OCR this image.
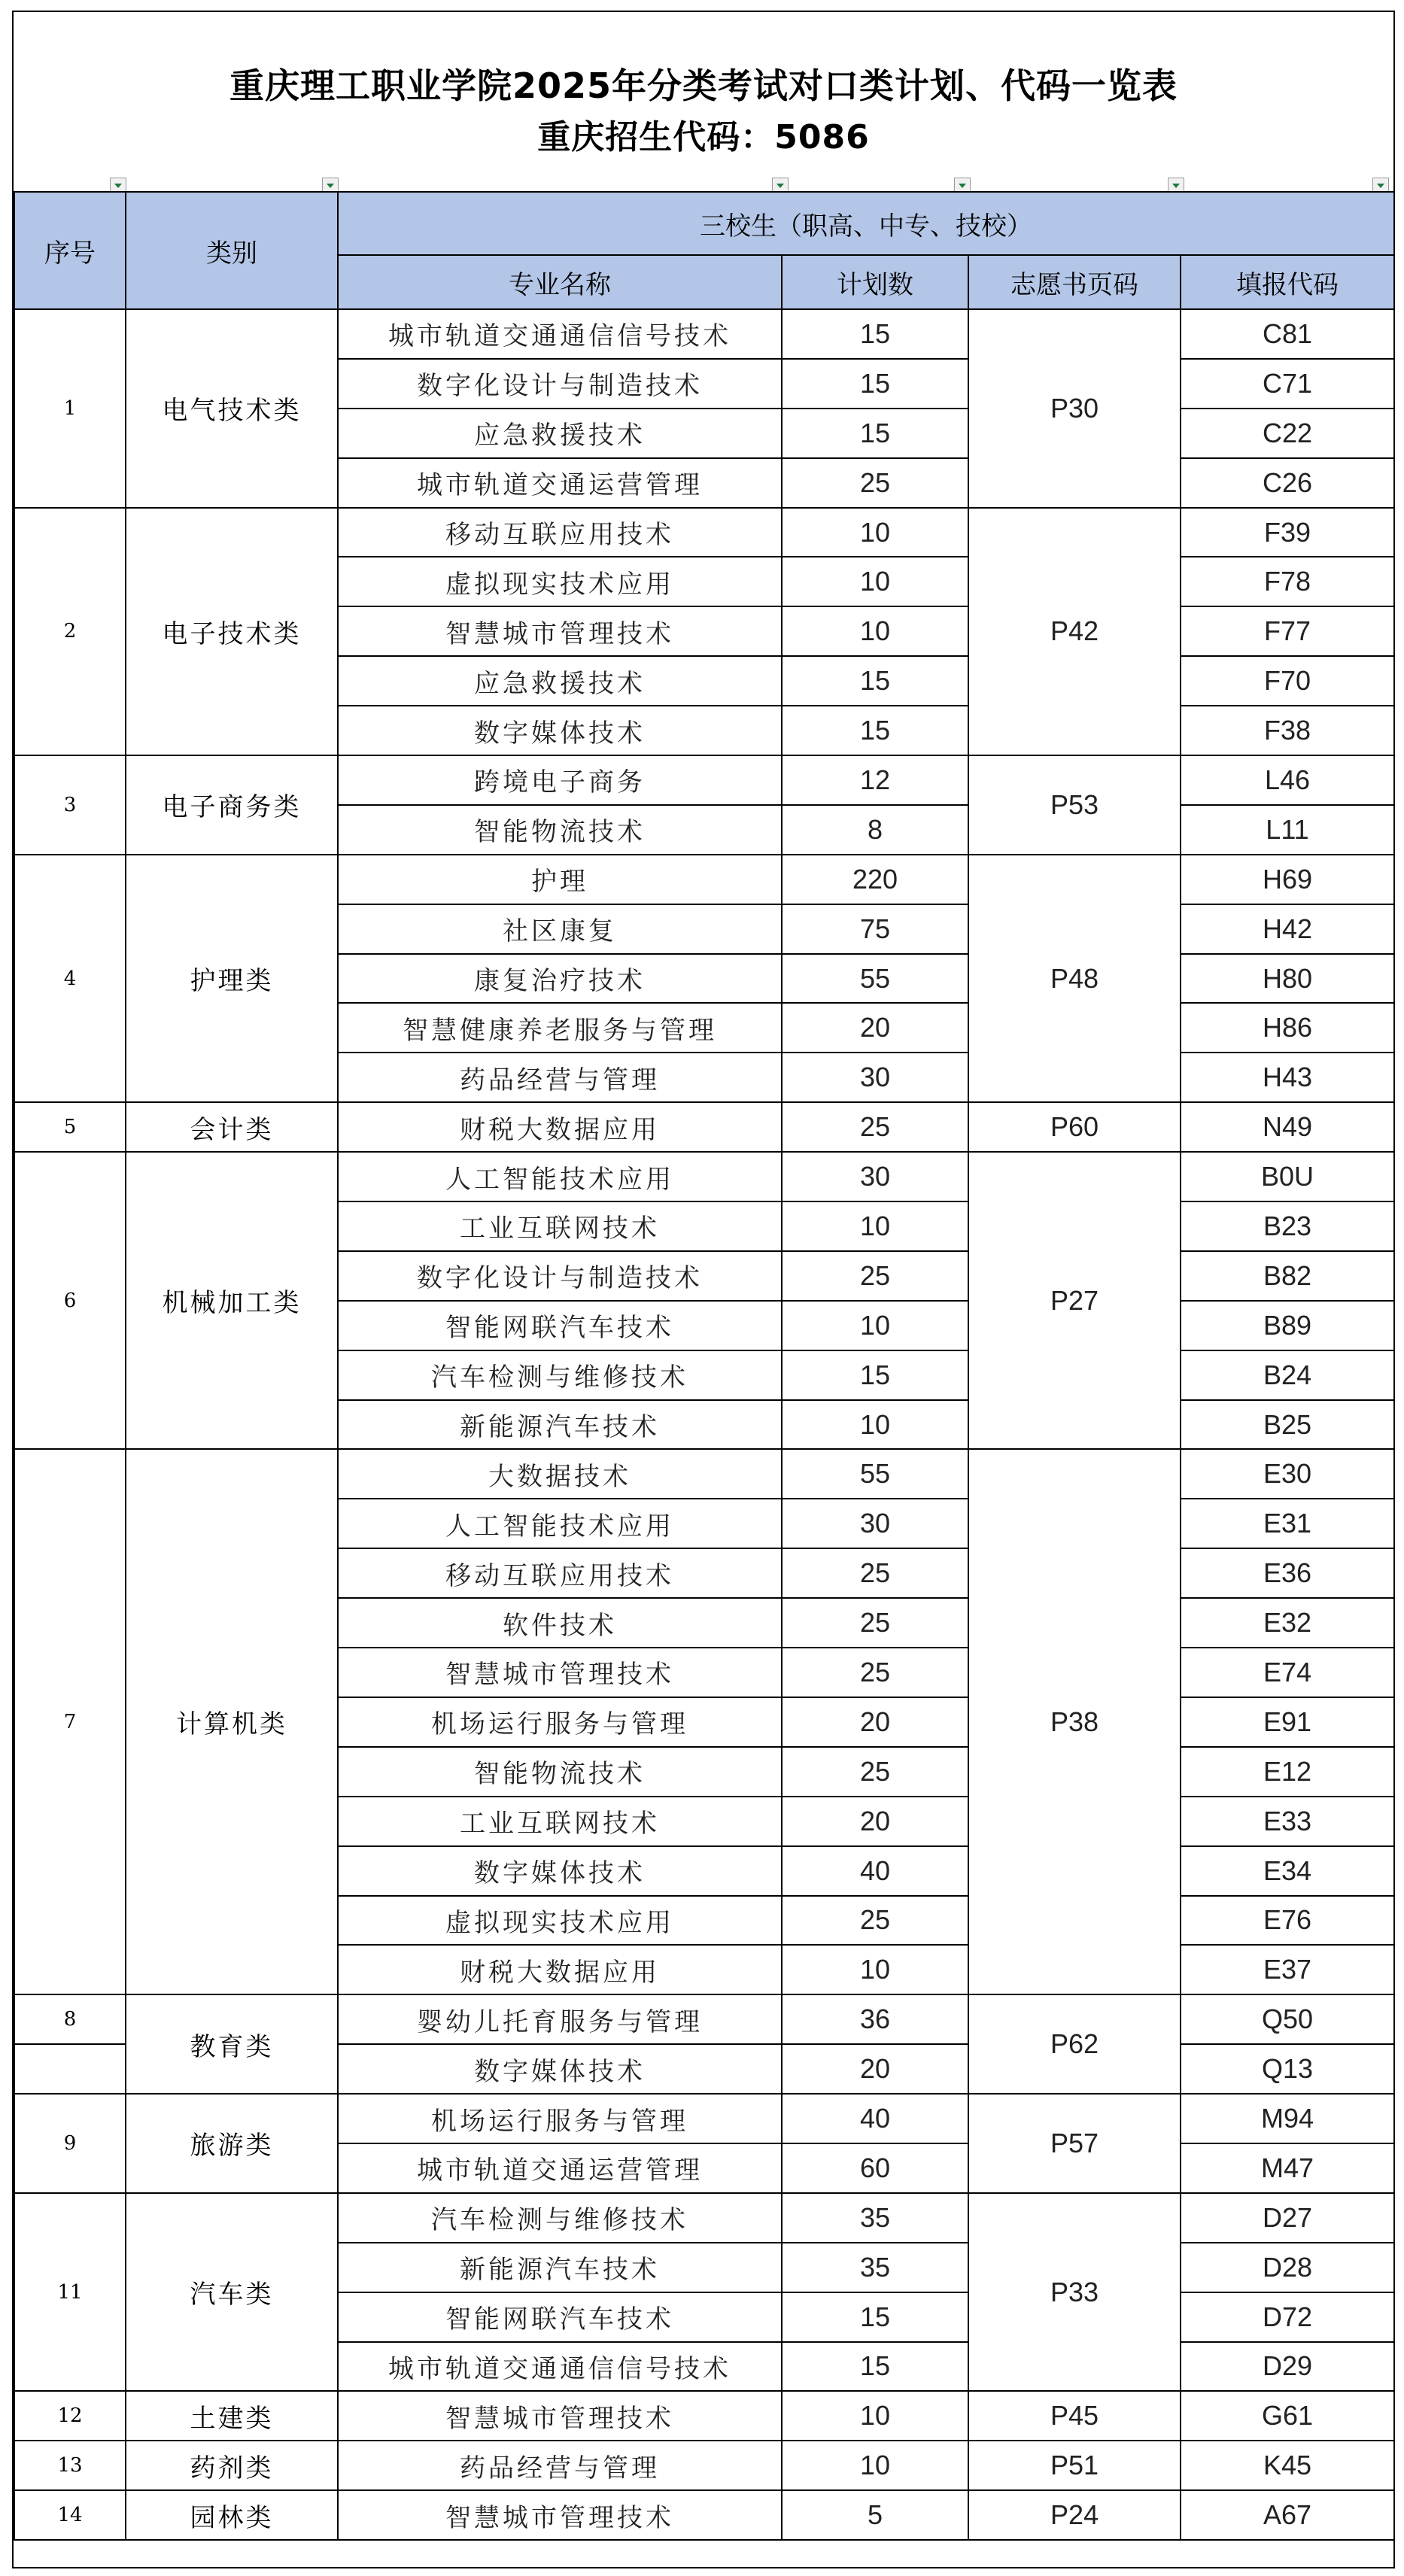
重庆理工职业学院2025年分类考试对口类计划、代码一览表
重庆招生代码：5086
序号	类别	三校生（职高、中专、技校）			
		专业名称	计划数	志愿书页码	填报代码
1	电气技术类	城市轨道交通通信信号技术	15	P30	C81
		数字化设计与制造技术	15		C71
		应急救援技术	15		C22
		城市轨道交通运营管理	25		C26
2	电子技术类	移动互联应用技术	10	P42	F39
		虚拟现实技术应用	10		F78
		智慧城市管理技术	10		F77
		应急救援技术	15		F70
		数字媒体技术	15		F38
3	电子商务类	跨境电子商务	12	P53	L46
		智能物流技术	8		L11
4	护理类	护理	220	P48	H69
		社区康复	75		H42
		康复治疗技术	55		H80
		智慧健康养老服务与管理	20		H86
		药品经营与管理	30		H43
5	会计类	财税大数据应用	25	P60	N49
6	机械加工类	人工智能技术应用	30	P27	B0U
		工业互联网技术	10		B23
		数字化设计与制造技术	25		B82
		智能网联汽车技术	10		B89
		汽车检测与维修技术	15		B24
		新能源汽车技术	10		B25
7	计算机类	大数据技术	55	P38	E30
		人工智能技术应用	30		E31
		移动互联应用技术	25		E36
		软件技术	25		E32
		智慧城市管理技术	25		E74
		机场运行服务与管理	20		E91
		智能物流技术	25		E12
		工业互联网技术	20		E33
		数字媒体技术	40		E34
		虚拟现实技术应用	25		E76
		财税大数据应用	10		E37
8	教育类	婴幼儿托育服务与管理	36	P62	Q50
		数字媒体技术	20		Q13
9	旅游类	机场运行服务与管理	40	P57	M94
		城市轨道交通运营管理	60		M47
11	汽车类	汽车检测与维修技术	35	P33	D27
		新能源汽车技术	35		D28
		智能网联汽车技术	15		D72
		城市轨道交通通信信号技术	15		D29
12	土建类	智慧城市管理技术	10	P45	G61
13	药剂类	药品经营与管理	10	P51	K45
14	园林类	智慧城市管理技术	5	P24	A67
